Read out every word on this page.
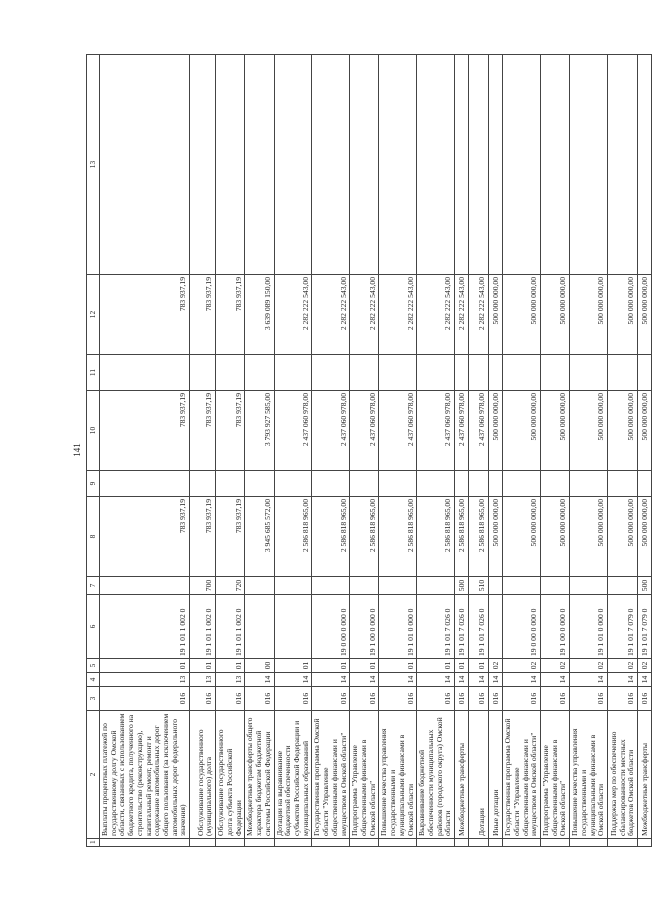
141
1	2	3	4	5	6	7	8	9	10	11	12	13
	Выплаты процентных платежей по государственному долгу Омской области, связанных с использованием бюджетного кредита, полученного на строительство (реконструкцию), капитальный ремонт, ремонт и содержание автомобильных дорог общего пользования (за исключением автомобильных дорог федерального значения)	016	13	01	19 1 01 1 002 0		783 937,19		783 937,19		783 937,19	
	Обслуживание государственного (муниципального) долга	016	13	01	19 1 01 1 002 0	700	783 937,19		783 937,19		783 937,19	
	Обслуживание государственного долга субъекта Российской Федерации	016	13	01	19 1 01 1 002 0	720	783 937,19		783 937,19		783 937,19	
	Межбюджетные трансферты общего характера бюджетам бюджетной системы Российской Федерации	016	14	00			3 945 685 572,00		3 793 927 585,00		3 639 089 150,00	
	Дотации на выравнивание бюджетной обеспеченности субъектов Российской Федерации и муниципальных образований	016	14	01			2 586 818 965,00		2 437 060 978,00		2 282 222 543,00	
	Государственная программа Омской области "Управление общественными финансами и имуществом в Омской области"	016	14	01	19 0 00 0 000 0		2 586 818 965,00		2 437 060 978,00		2 282 222 543,00	
	Подпрограмма "Управление общественными финансами в Омской области"	016	14	01	19 1 00 0 000 0		2 586 818 965,00		2 437 060 978,00		2 282 222 543,00	
	Повышение качества управления государственными и муниципальными финансами в Омской области	016	14	01	19 1 01 0 000 0		2 586 818 965,00		2 437 060 978,00		2 282 222 543,00	
	Выравнивание бюджетной обеспеченности муниципальных районов (городского округа) Омской области	016	14	01	19 1 01 7 026 0		2 586 818 965,00		2 437 060 978,00		2 282 222 543,00	
	Межбюджетные трансферты	016	14	01	19 1 01 7 026 0	500	2 586 818 965,00		2 437 060 978,00		2 282 222 543,00	
	Дотации	016	14	01	19 1 01 7 026 0	510	2 586 818 965,00		2 437 060 978,00		2 282 222 543,00	
	Иные дотации	016	14	02			500 000 000,00		500 000 000,00		500 000 000,00	
	Государственная программа Омской области "Управление общественными финансами и имуществом в Омской области"	016	14	02	19 0 00 0 000 0		500 000 000,00		500 000 000,00		500 000 000,00	
	Подпрограмма "Управление общественными финансами в Омской области"	016	14	02	19 1 00 0 000 0		500 000 000,00		500 000 000,00		500 000 000,00	
	Повышение качества управления государственными и муниципальными финансами в Омской области	016	14	02	19 1 01 0 000 0		500 000 000,00		500 000 000,00		500 000 000,00	
	Поддержка мер по обеспечению сбалансированности местных бюджетов Омской области	016	14	02	19 1 01 7 079 0		500 000 000,00		500 000 000,00		500 000 000,00	
	Межбюджетные трансферты	016	14	02	19 1 01 7 079 0	500	500 000 000,00		500 000 000,00		500 000 000,00	
